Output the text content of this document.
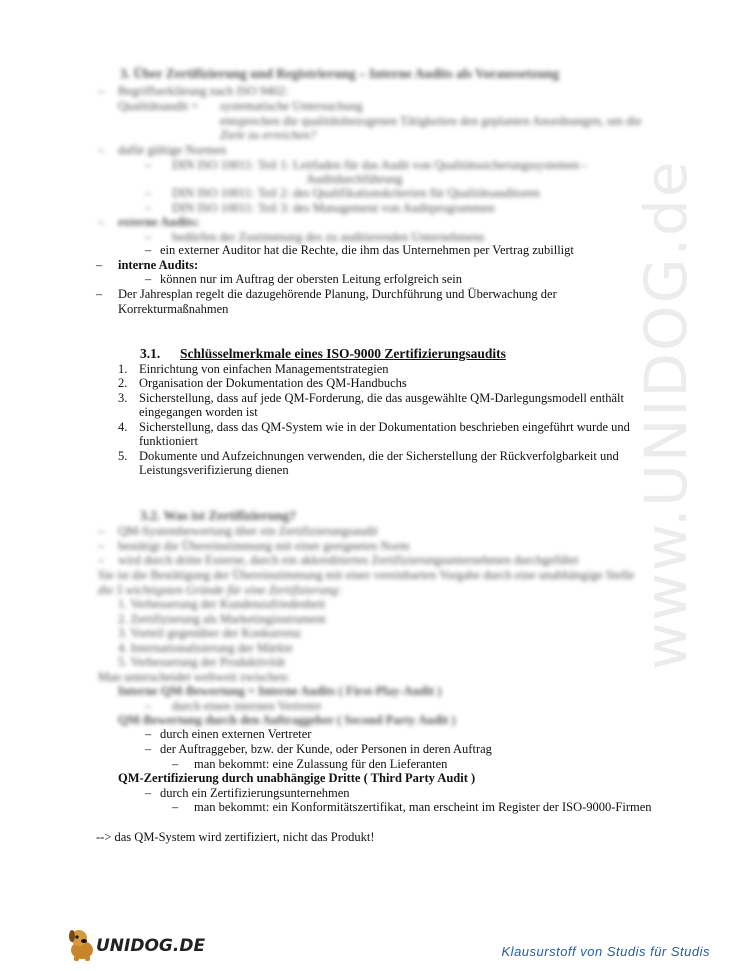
www.UNIDOG.de
3. Über Zertifizierung und Registrierung – Interne Audits als Voraussetzung
– Begriffserklärung nach ISO 9402:
Qualitätsaudit = systematische Untersuchung
entsprechen die qualitätsbezogenen Tätigkeiten den geplanten Anordnungen, um die
Ziele zu erreichen?
– dafür gültige Normen
– DIN ISO 10011: Teil 1: Leitfaden für das Audit von Qualitätssicherungssystemen -
Auditdurchführung
– DIN ISO 10011: Teil 2: des Qualifikationskriterien für Qualitätsauditoren
– DIN ISO 10011: Teil 3: des Management von Auditprogrammen
– externe Audits:
– bedürfen der Zustimmung des zu auditierenden Unternehmens
– ein externer Auditor hat die Rechte, die ihm das Unternehmen per Vertrag zubilligt
– interne Audits:
– können nur im Auftrag der obersten Leitung erfolgreich sein
– Der Jahresplan regelt die dazugehörende Planung, Durchführung und Überwachung der
Korrekturmaßnahmen
3.1. Schlüsselmerkmale eines ISO-9000 Zertifizierungsaudits
1. Einrichtung von einfachen Managementstrategien
2. Organisation der Dokumentation des QM-Handbuchs
3. Sicherstellung, dass auf jede QM-Forderung, die das ausgewählte QM-Darlegungsmodell enthält
eingegangen worden ist
4. Sicherstellung, dass das QM-System wie in der Dokumentation beschrieben eingeführt wurde und
funktioniert
5. Dokumente und Aufzeichnungen verwenden, die der Sicherstellung der Rückverfolgbarkeit und
Leistungsverifizierung dienen
3.2. Was ist Zertifizierung?
– QM-Systembewertung über ein Zertifizierungsaudit
– bestätigt die Übereinstimmung mit einer geeigneten Norm
– wird durch dritte Externe, durch ein akkreditiertes Zertifizierungsunternehmen durchgeführt
Sie ist die Bestätigung der Übereinstimmung mit einer vereinbarten Vorgabe durch eine unabhängige Stelle
die 5 wichtigsten Gründe für eine Zertifizierung:
1. Verbesserung der Kundenzufriedenheit
2. Zertifizierung als Marketinginstrument
3. Vorteil gegenüber der Konkurrenz
4. Internationalisierung der Märkte
5. Verbesserung der Produktivität
Man unterscheidet weltweit zwischen:
Interne QM-Bewertung = Interne Audits ( First-Play-Audit )
– durch einen internen Vertreter
QM-Bewertung durch den Auftraggeber ( Second Party Audit )
– durch einen externen Vertreter
– der Auftraggeber, bzw. der Kunde, oder Personen in deren Auftrag
– man bekommt: eine Zulassung für den Lieferanten
QM-Zertifizierung durch unabhängige Dritte ( Third Party Audit )
– durch ein Zertifizierungsunternehmen
– man bekommt: ein Konformitätszertifikat, man erscheint im Register der ISO-9000-Firmen
--> das QM-System wird zertifiziert, nicht das Produkt!
UNIDOG.DE	Klausurstoff von Studis für Studis
